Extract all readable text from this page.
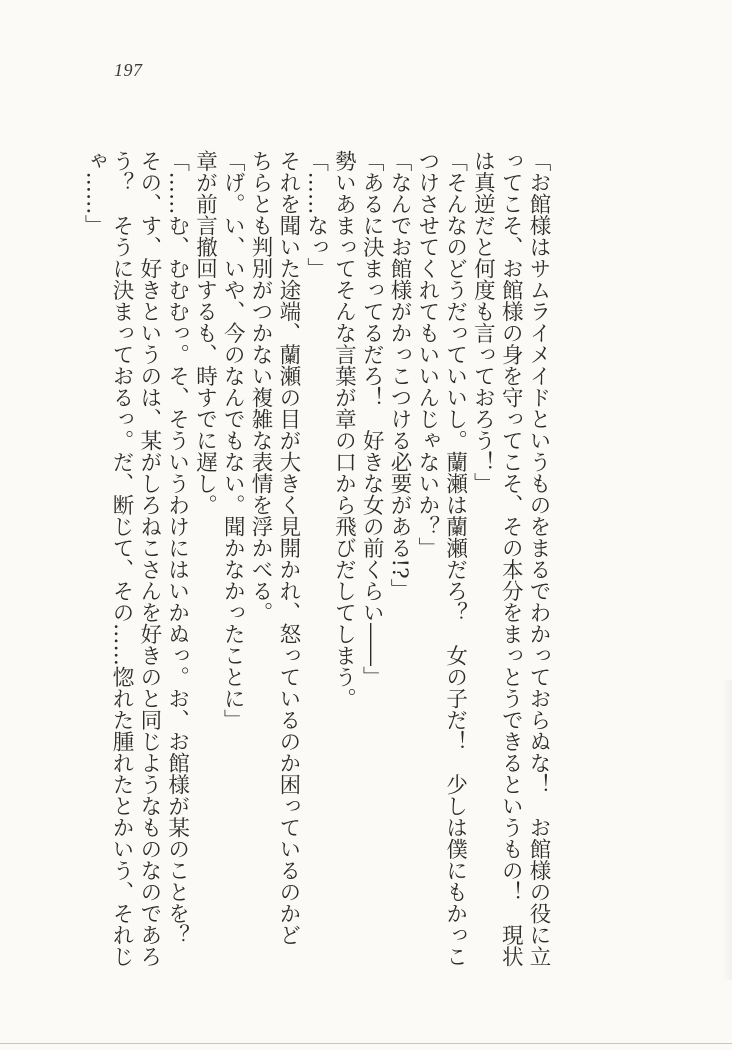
197
「お館様はサムライメイドというものをまるでわかっておらぬな！　お館様の役に立
ってこそ、お館様の身を守ってこそ、その本分をまっとうできるというもの！　現状
は真逆だと何度も言っておろう！」
「そんなのどうだっていいし。蘭瀬は蘭瀬だろ？　女の子だ！　少しは僕にもかっこ
つけさせてくれてもいいんじゃないか？」
「なんでお館様がかっこつける必要がある!?」
「あるに決まってるだろ！　好きな女の前くらい――」
勢いあまってそんな言葉が章の口から飛びだしてしまう。
「……なっ」
それを聞いた途端、蘭瀬の目が大きく見開かれ、怒っているのか困っているのかど
ちらとも判別がつかない複雑な表情を浮かべる。
「げ。い、いや、今のなんでもない。聞かなかったことに」
章が前言撤回するも、時すでに遅し。
「……む、むむむっ。そ、そういうわけにはいかぬっ。お、お館様が某のことを？
その、す、好きというのは、某がしろねこさんを好きのと同じようなものなのであろ
う？　そうに決まっておるっ。だ、断じて、その……惚れた腫れたとかいう、それじ
ゃ……」
